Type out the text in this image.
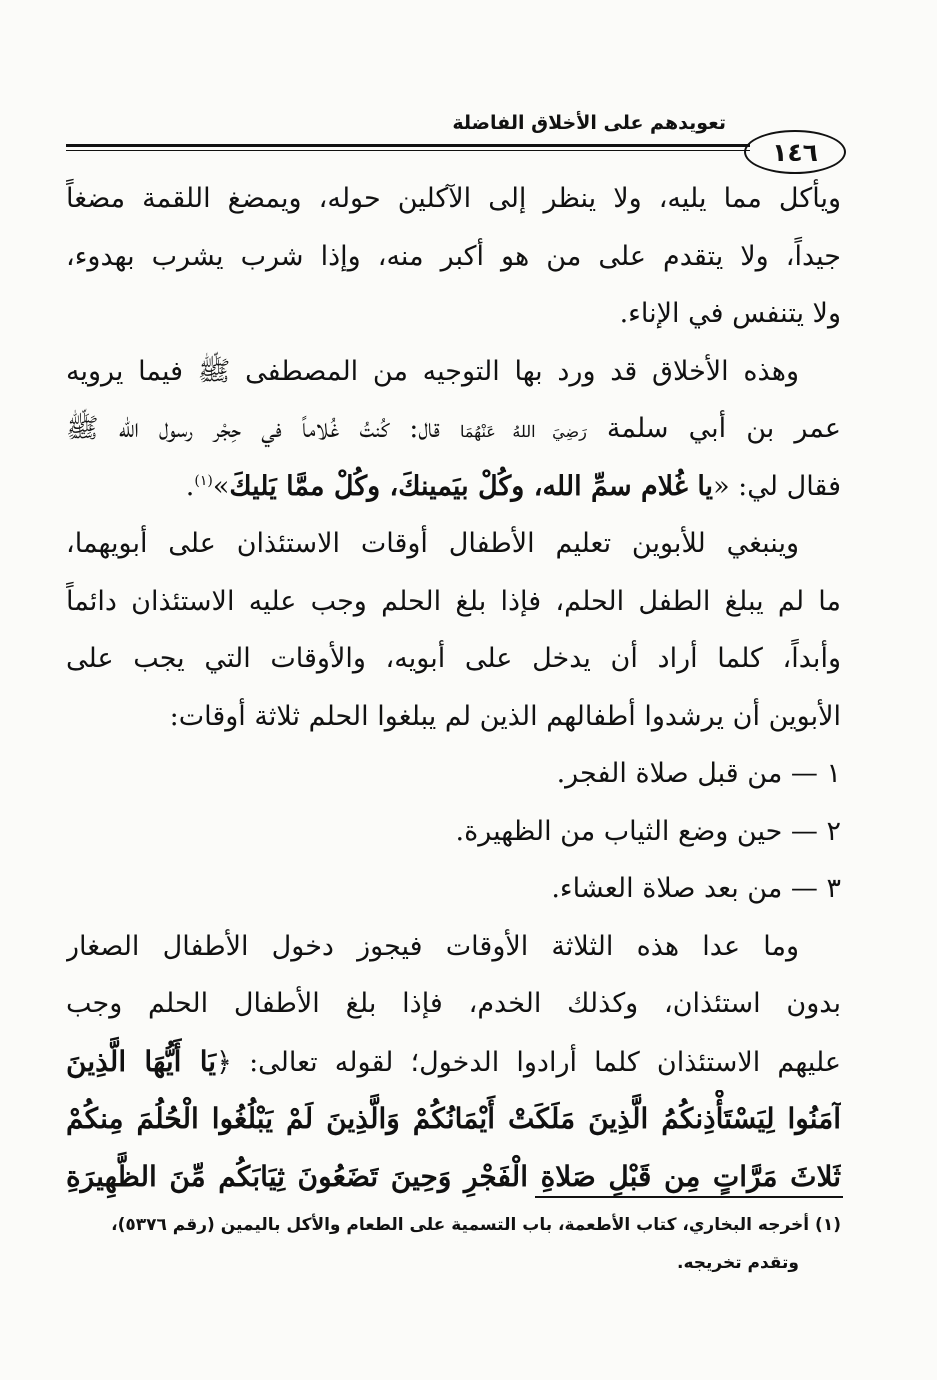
تعويدهم على الأخلاق الفاضلة
١٤٦
ويأكل مما يليه، ولا ينظر إلى الآكلين حوله، ويمضغ اللقمة مضغاً
جيداً، ولا يتقدم على من هو أكبر منه، وإذا شرب يشرب بهدوء،
ولا يتنفس في الإناء.
وهذه الأخلاق قد ورد بها التوجيه من المصطفى ﷺ فيما يرويه
عمر بن أبي سلمة رَضِيَ اللهُ عَنْهُمَا قال: كُنتُ غُلاماً في حِجْر رسول الله ﷺ
فقال لي: «يا غُلام سمِّ الله، وكُلْ بيَمينكَ، وكُلْ ممَّا يَليكَ»$^{(١)}$.
وينبغي للأبوين تعليم الأطفال أوقات الاستئذان على أبويهما،
ما لم يبلغ الطفل الحلم، فإذا بلغ الحلم وجب عليه الاستئذان دائماً
وأبداً، كلما أراد أن يدخل على أبويه، والأوقات التي يجب على
الأبوين أن يرشدوا أطفالهم الذين لم يبلغوا الحلم ثلاثة أوقات:
١ — من قبل صلاة الفجر.
٢ — حين وضع الثياب من الظهيرة.
٣ — من بعد صلاة العشاء.
وما عدا هذه الثلاثة الأوقات فيجوز دخول الأطفال الصغار
بدون استئذان، وكذلك الخدم، فإذا بلغ الأطفال الحلم وجب
عليهم الاستئذان كلما أرادوا الدخول؛ لقوله تعالى: ﴿يَا أَيُّهَا الَّذِينَ
آمَنُوا لِيَسْتَأْذِنكُمُ الَّذِينَ مَلَكَتْ أَيْمَانُكُمْ وَالَّذِينَ لَمْ يَبْلُغُوا الْحُلُمَ مِنكُمْ
ثَلاثَ مَرَّاتٍ مِن قَبْلِ صَلاةِ الْفَجْرِ وَحِينَ تَضَعُونَ ثِيَابَكُم مِّنَ الظَّهِيرَةِ
(١) أخرجه البخاري، كتاب الأطعمة، باب التسمية على الطعام والأكل باليمين (رقم ٥٣٧٦)،
وتقدم تخريجه.
